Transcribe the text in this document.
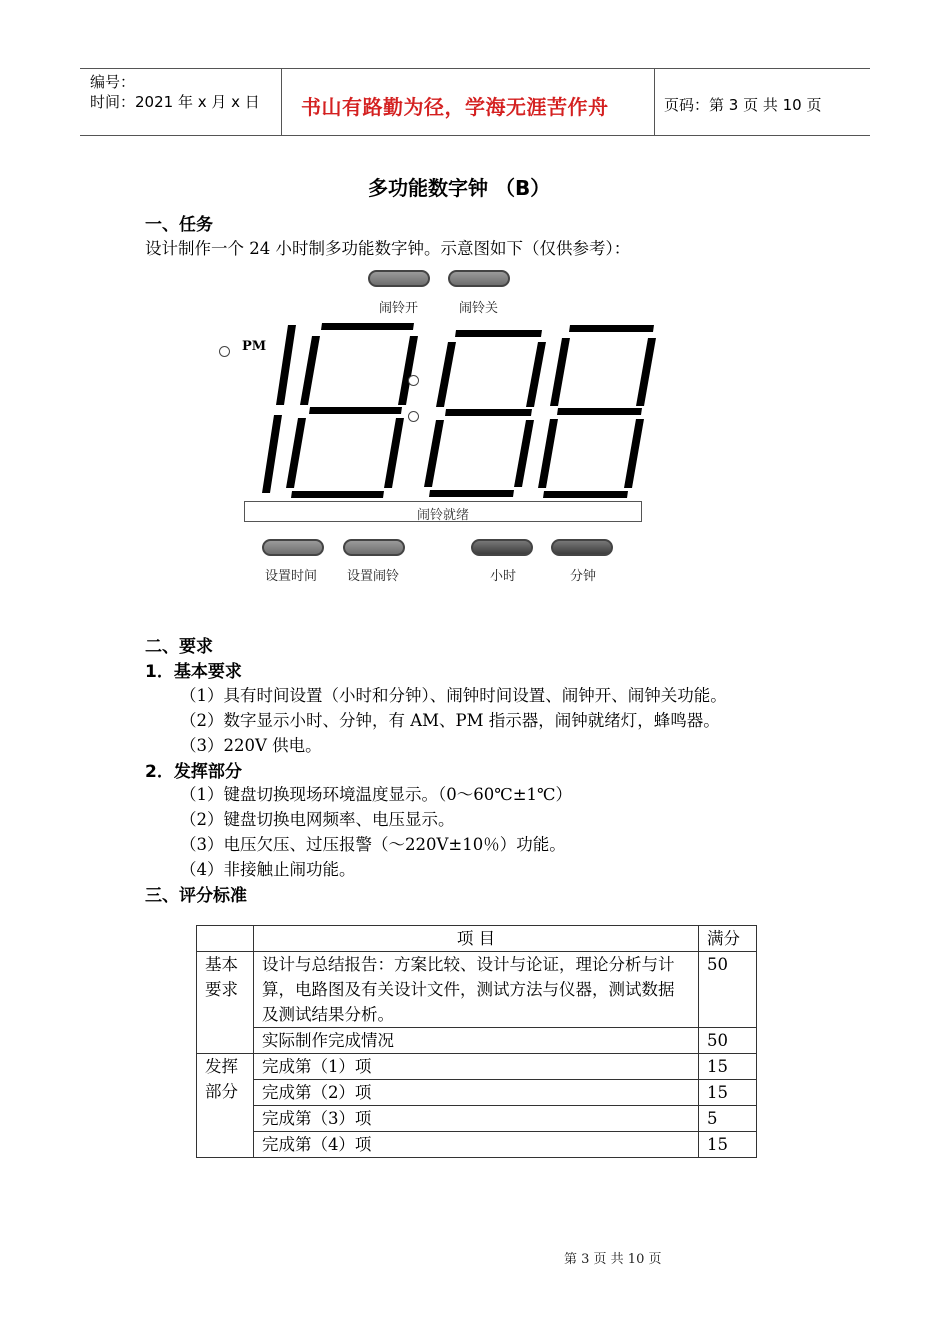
编号：
时间：2021 年 x 月 x 日 书山有路勤为径，学海无涯苦作舟	页码：第 3 页 共 10 页
多功能数字钟 （B）
一、任务
设计制作一个 24 小时制多功能数字钟。示意图如下（仅供参考）：
闹铃开	闹铃关
PM
闹铃就绪
设置时间 设置闹铃	小时	分钟
二、要求
1．基本要求
（1）具有时间设置（小时和分钟）、闹钟时间设置、闹钟开、闹钟关功能。
（2）数字显示小时、分钟，有 AM、PM 指示器，闹钟就绪灯，蜂鸣器。
（3）220V 供电。
2．发挥部分
（1）键盘切换现场环境温度显示。（0～60℃±1℃）
（2）键盘切换电网频率、电压显示。
（3）电压欠压、过压报警（～220V±10％）功能。
（4）非接触止闹功能。
三、评分标准
	项 目	满分
基本要求	设计与总结报告：方案比较、设计与论证，理论分析与计算，电路图及有关设计文件，测试方法与仪器，测试数据及测试结果分析。	50
	实际制作完成情况	50
发挥部分	完成第（1）项	15
	完成第（2）项	15
	完成第（3）项	5
	完成第（4）项	15
第 3 页 共 10 页
